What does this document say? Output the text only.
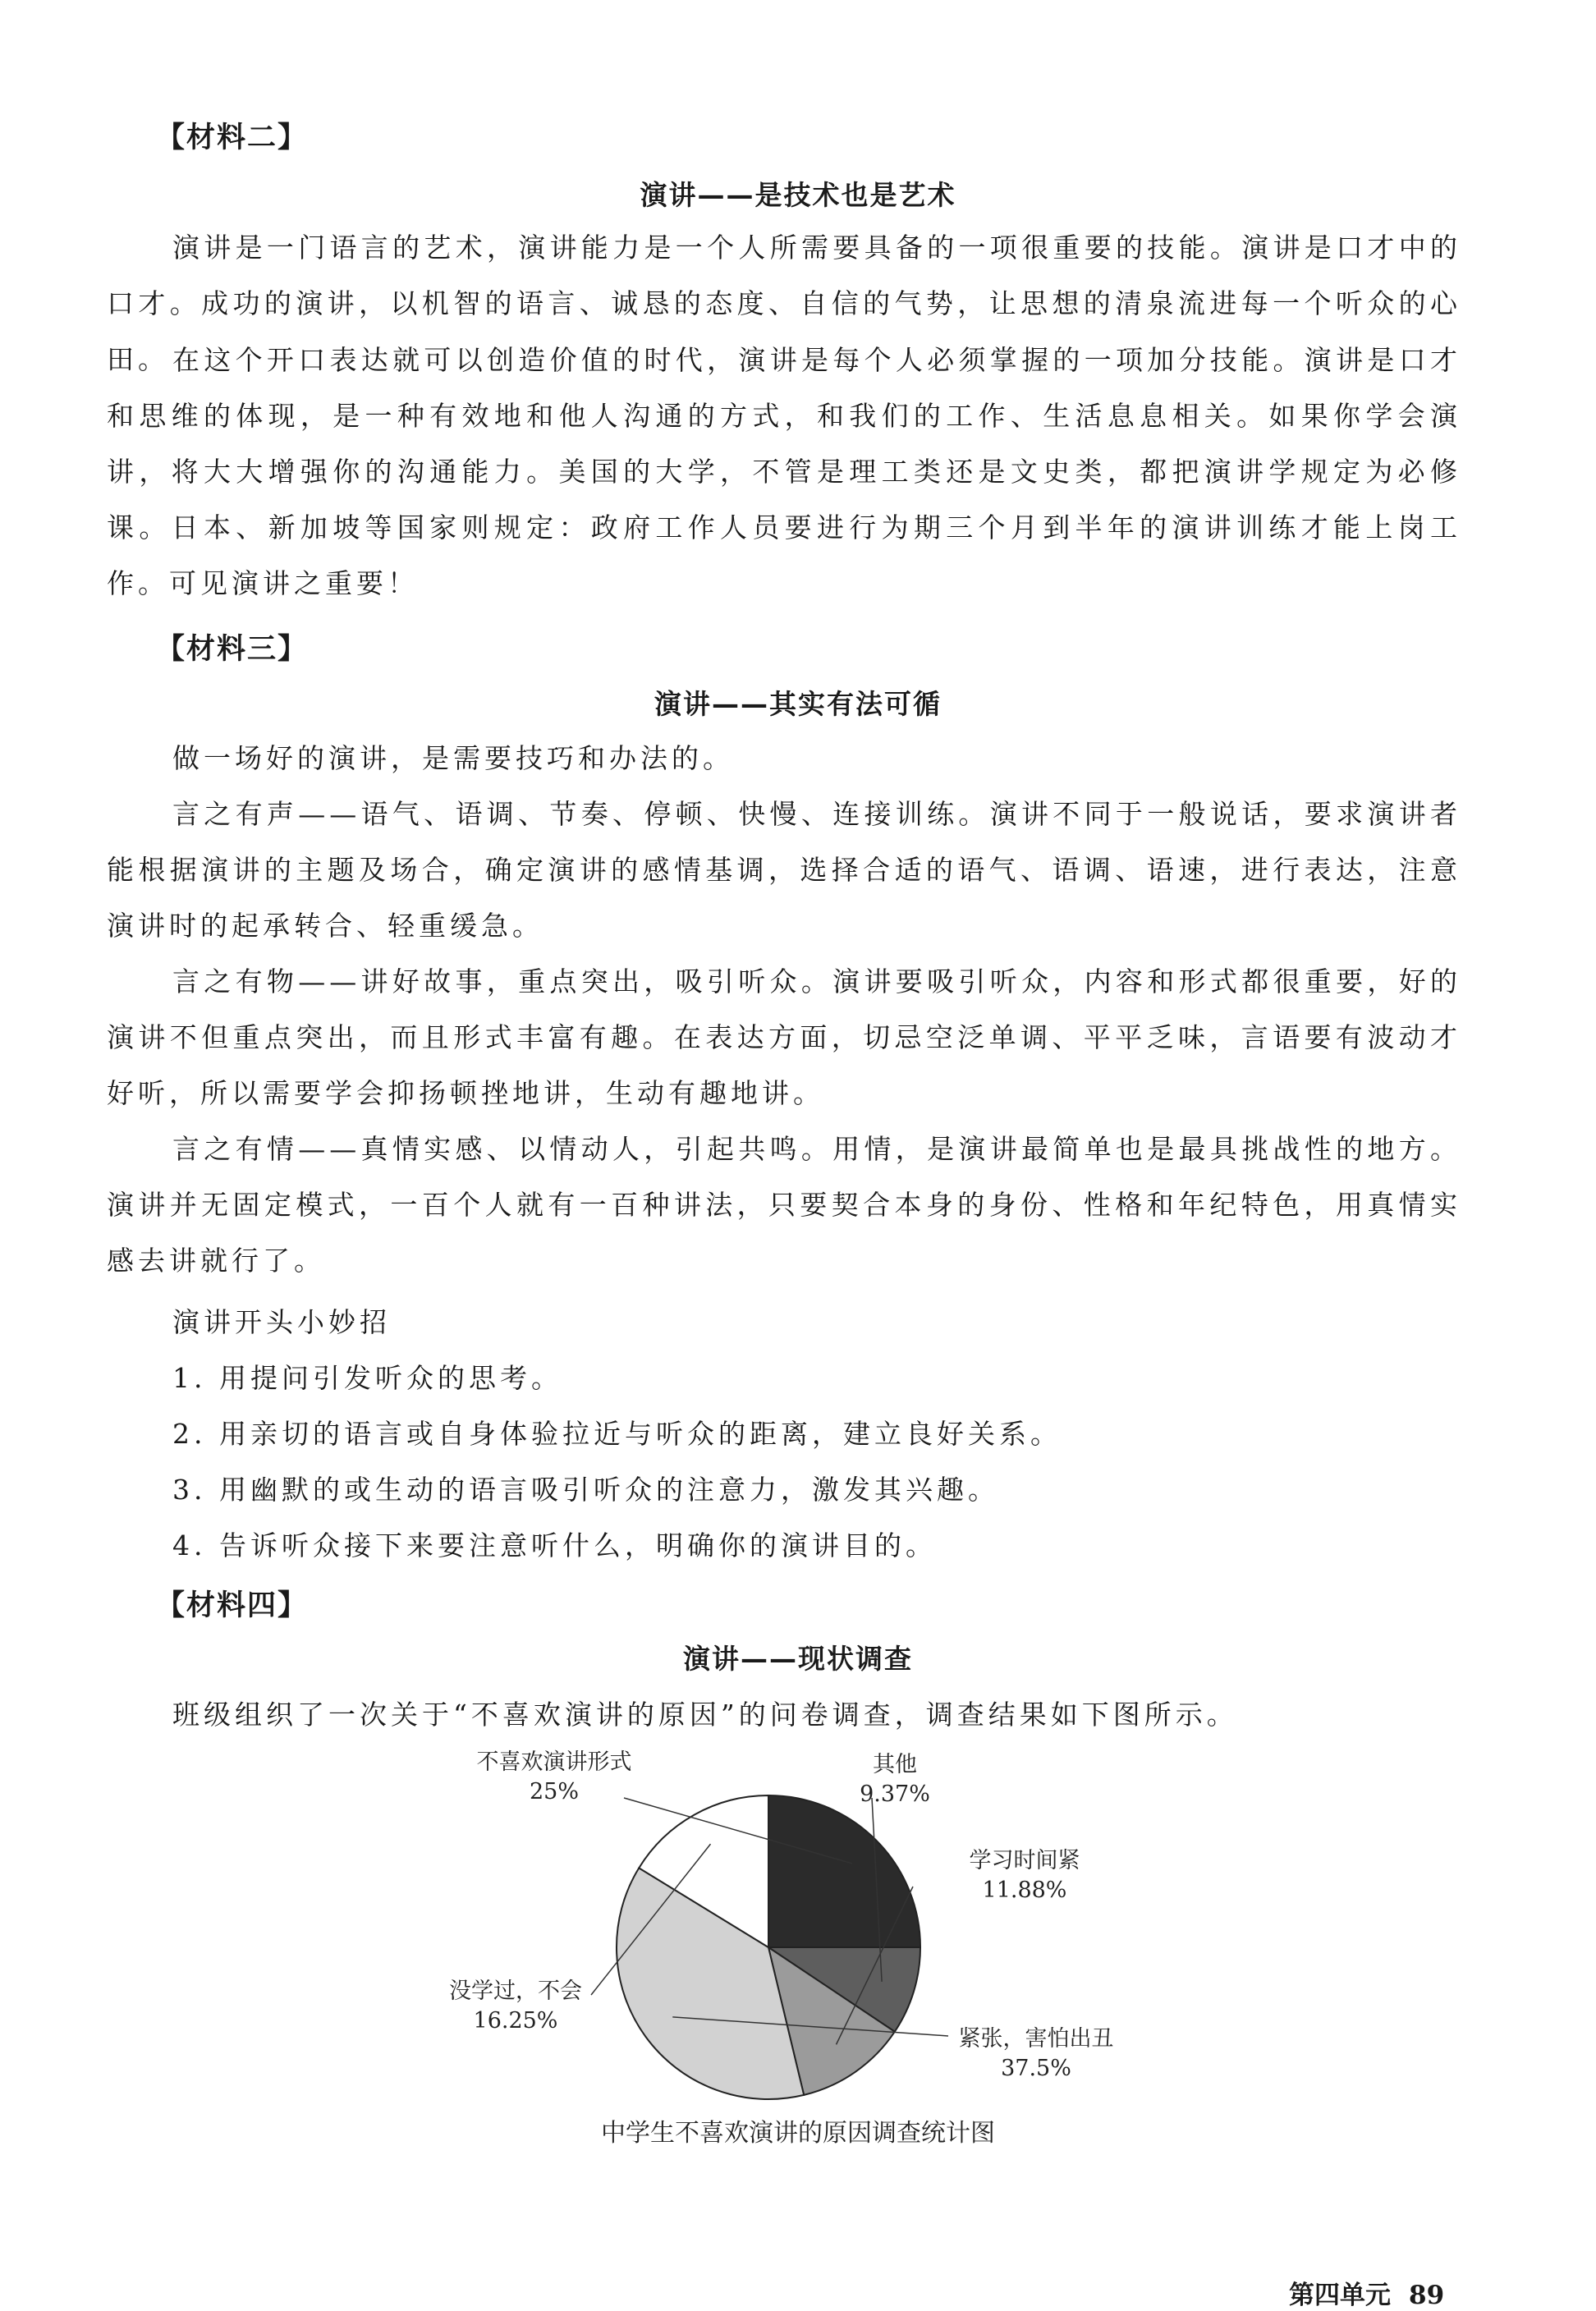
【材料二】
演讲——是技术也是艺术

演讲是一门语言的艺术，演讲能力是一个人所需要具备的一项很重要的技能。演讲是口才中的口才。成功的演讲，以机智的语言、诚恳的态度、自信的气势，让思想的清泉流进每一个听众的心田。 在这个开口表达就可以创造价值的时代，演讲是每个人必须掌握的一项加分技能。演讲是口才和思维的体现，是一种有效地和他人沟通的方式，和我们的工作、生活息息相关。如果你学会演讲，将大大增强你的沟通能力。美国的大学，不管是理工类还是文史类，都把演讲学规定为必修课。日本、新加坡等国家则规定：政府工作人员要进行为期三个月到半年的演讲训练才能上岗工作。可见演讲之重要！

【材料三】
演讲——其实有法可循

做一场好的演讲，是需要技巧和办法的。

言之有声——语气、语调、节奏、停顿、快慢、连接训练。演讲不同于一般说话，要求演讲者能根据演讲的主题及场合，确定演讲的感情基调，选择合适的语气、语调、语速，进行表达，注意演讲时的起承转合、轻重缓急。

言之有物——讲好故事，重点突出，吸引听众。演讲要吸引听众，内容和形式都很重要，好的演讲不但重点突出，而且形式丰富有趣。在表达方面，切忌空泛单调、平平乏味，言语要有波动才好听，所以需要学会抑扬顿挫地讲，生动有趣地讲。

言之有情——真情实感、以情动人，引起共鸣。用情，是演讲最简单也是最具挑战性的地方。演讲并无固定模式，一百个人就有一百种讲法，只要契合本身的身份、性格和年纪特色，用真情实感去讲就行了。

演讲开头小妙招
1. 用提问引发听众的思考。
2. 用亲切的语言或自身体验拉近与听众的距离，建立良好关系。
3. 用幽默的或生动的语言吸引听众的注意力，激发其兴趣。
4. 告诉听众接下来要注意听什么，明确你的演讲目的。
【材料四】
演讲——现状调查
班级组织了一次关于“不喜欢演讲的原因”的问卷调查，调查结果如下图所示。
不喜欢演讲形式
25%
其他
9.37%
学习时间紧
11.88%
紧张，害怕出丑
37.5%
没学过，不会
16.25%
中学生不喜欢演讲的原因调查统计图
第四单元 89
